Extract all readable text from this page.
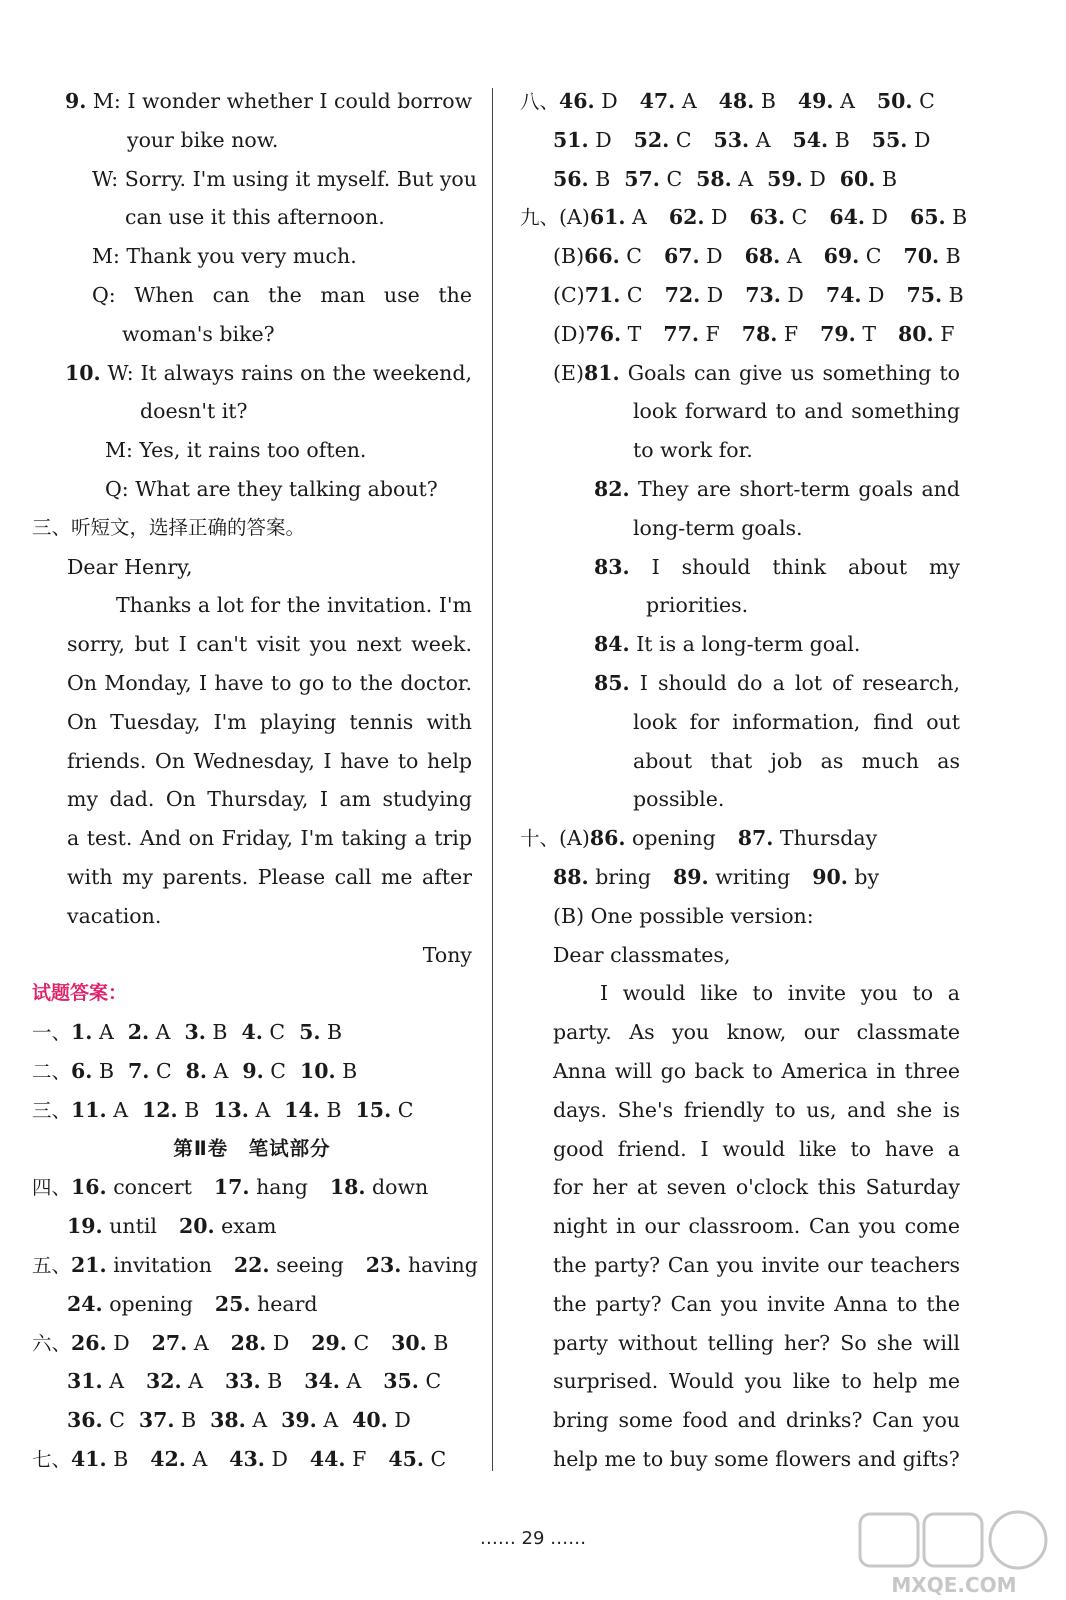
9. M: I wonder whether I could borrow
your bike now.
W: Sorry. I'm using it myself. But you
can use it this afternoon.
M: Thank you very much.
Q: When can the man use the
woman's bike?
10. W: It always rains on the weekend,
doesn't it?
M: Yes, it rains too often.
Q: What are they talking about?
三、听短文，选择正确的答案。
Dear Henry,
Thanks a lot for the invitation. I'm
sorry, but I can't visit you next week.
On Monday, I have to go to the doctor.
On Tuesday, I'm playing tennis with
friends. On Wednesday, I have to help
my dad. On Thursday, I am studying
a test. And on Friday, I'm taking a trip
with my parents. Please call me after
vacation.
Tony
试题答案：
一、1. A 2. A 3. B 4. C 5. B
二、6. B 7. C 8. A 9. C 10. B
三、11. A 12. B 13. A 14. B 15. C
第Ⅱ卷　笔试部分
四、16. concert 17. hang 18. down
19. until 20. exam
五、21. invitation 22. seeing 23. having
24. opening 25. heard
六、26. D 27. A 28. D 29. C 30. B
31. A 32. A 33. B 34. A 35. C
36. C 37. B 38. A 39. A 40. D
七、41. B 42. A 43. D 44. F 45. C
八、46. D 47. A 48. B 49. A 50. C
51. D 52. C 53. A 54. B 55. D
56. B 57. C 58. A 59. D 60. B
九、(A)61. A 62. D 63. C 64. D 65. B
(B)66. C 67. D 68. A 69. C 70. B
(C)71. C 72. D 73. D 74. D 75. B
(D)76. T 77. F 78. F 79. T 80. F
(E)81. Goals can give us something to
look forward to and something
to work for.
82. They are short-term goals and
long-term goals.
83. I should think about my
priorities.
84. It is a long-term goal.
85. I should do a lot of research,
look for information, find out
about that job as much as
possible.
十、(A)86. opening 87. Thursday
88. bring 89. writing 90. by
(B) One possible version:
Dear classmates,
I would like to invite you to a
party. As you know, our classmate
Anna will go back to America in three
days. She's friendly to us, and she is
good friend. I would like to have a
for her at seven o'clock this Saturday
night in our classroom. Can you come
the party? Can you invite our teachers
the party? Can you invite Anna to the
party without telling her? So she will
surprised. Would you like to help me
bring some food and drinks? Can you
help me to buy some flowers and gifts?
…… 29 ……
MXQE.COM
